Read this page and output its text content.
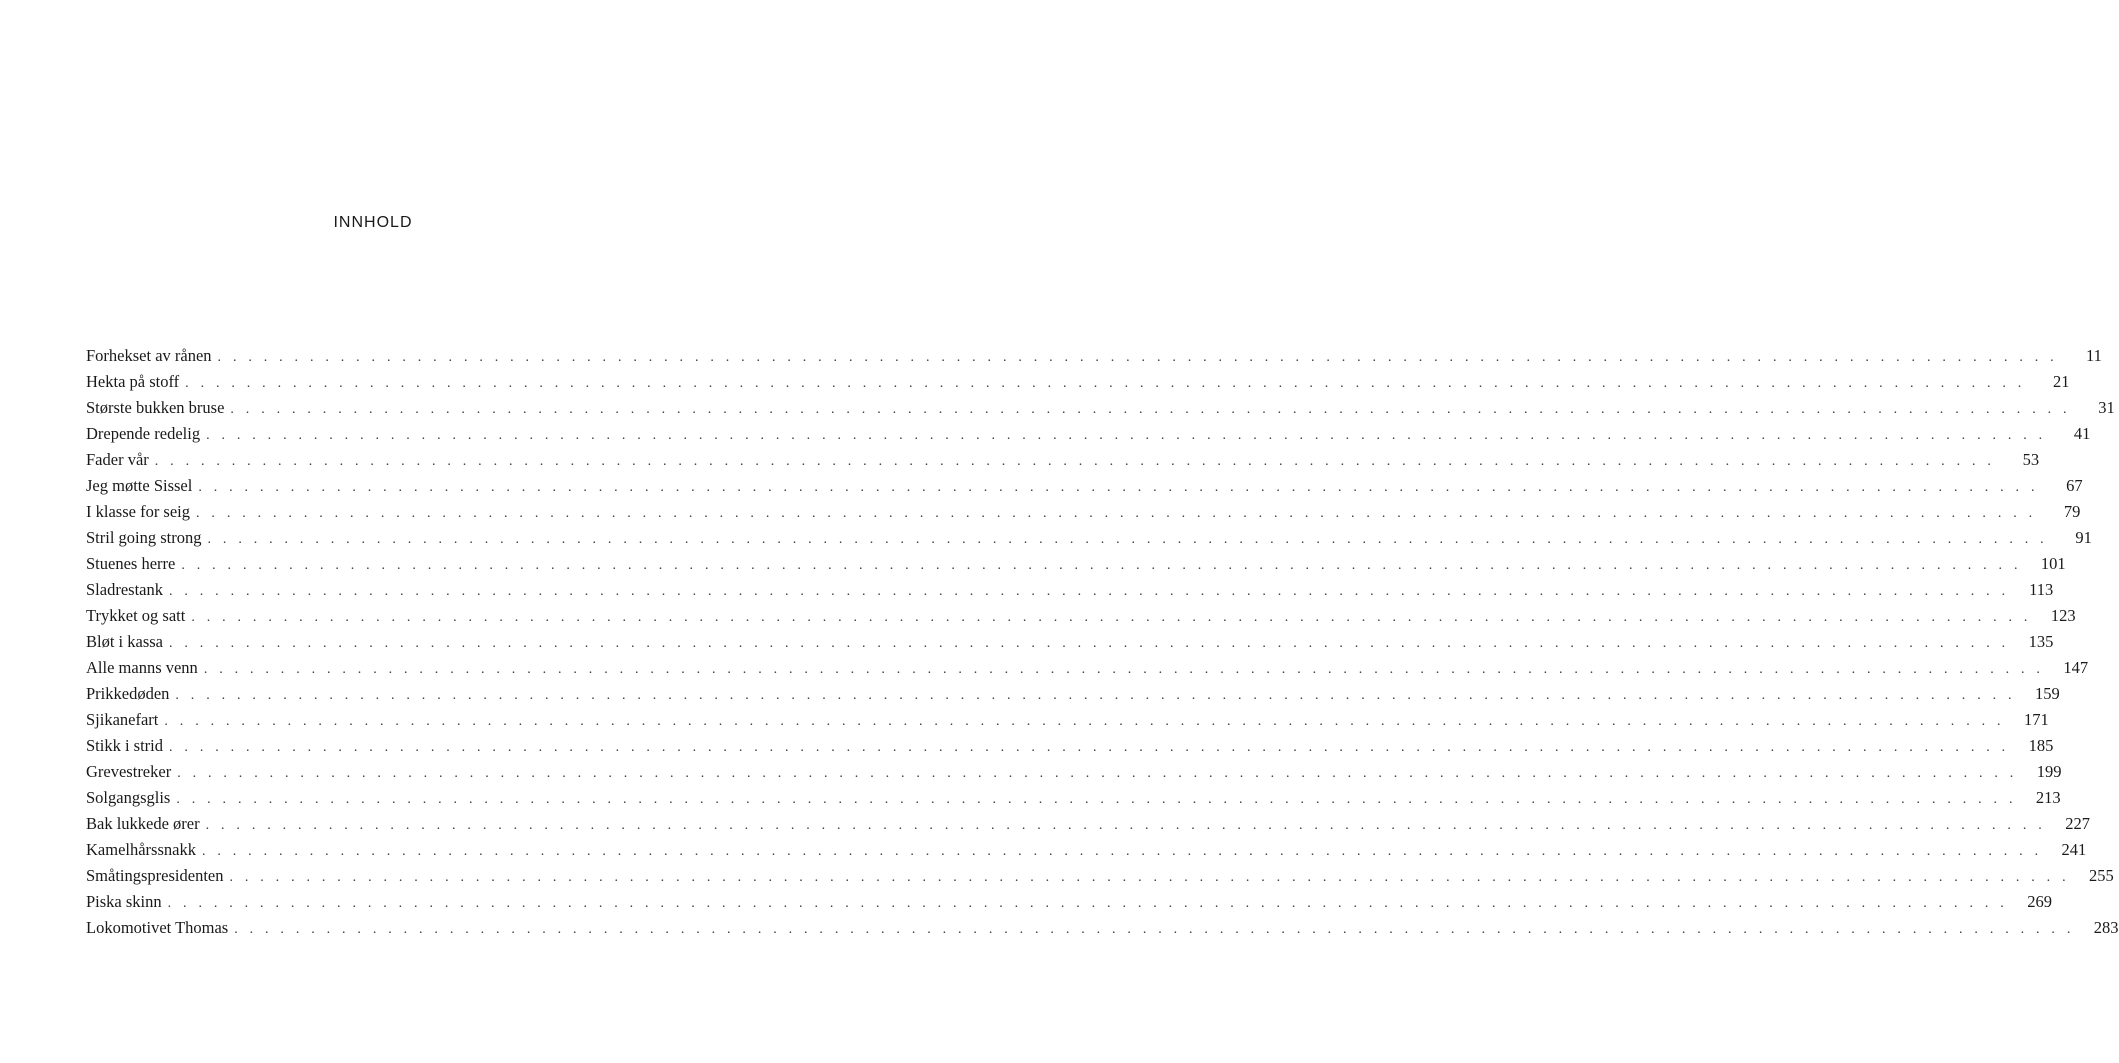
INNHOLD
Forhekset av rånen . . . . . . . . . . . . . . . . . . . . . . . . . . . . . . . . . . . . . . . . . . . . . . . . . . . . . . . . . . . . . . . . . . . . . . . . . . . . . . . . . . . . . . . . . . . . . . . . . . . . . . . . . . . . . . . . . . . . . . . .	11
Hekta på stoff . . . . . . . . . . . . . . . . . . . . . . . . . . . . . . . . . . . . . . . . . . . . . . . . . . . . . . . . . . . . . . . . . . . . . . . . . . . . . . . . . . . . . . . . . . . . . . . . . . . . . . . . . . . . . . . . . . . . . . . .	21
Største bukken bruse . . . . . . . . . . . . . . . . . . . . . . . . . . . . . . . . . . . . . . . . . . . . . . . . . . . . . . . . . . . . . . . . . . . . . . . . . . . . . . . . . . . . . . . . . . . . . . . . . . . . . . . . . . . . . . . . . . . . . . . .	31
Drepende redelig . . . . . . . . . . . . . . . . . . . . . . . . . . . . . . . . . . . . . . . . . . . . . . . . . . . . . . . . . . . . . . . . . . . . . . . . . . . . . . . . . . . . . . . . . . . . . . . . . . . . . . . . . . . . . . . . . . . . . . . .	41
Fader vår . . . . . . . . . . . . . . . . . . . . . . . . . . . . . . . . . . . . . . . . . . . . . . . . . . . . . . . . . . . . . . . . . . . . . . . . . . . . . . . . . . . . . . . . . . . . . . . . . . . . . . . . . . . . . . . . . . . . . . . .	53
Jeg møtte Sissel . . . . . . . . . . . . . . . . . . . . . . . . . . . . . . . . . . . . . . . . . . . . . . . . . . . . . . . . . . . . . . . . . . . . . . . . . . . . . . . . . . . . . . . . . . . . . . . . . . . . . . . . . . . . . . . . . . . . . . . .	67
I klasse for seig . . . . . . . . . . . . . . . . . . . . . . . . . . . . . . . . . . . . . . . . . . . . . . . . . . . . . . . . . . . . . . . . . . . . . . . . . . . . . . . . . . . . . . . . . . . . . . . . . . . . . . . . . . . . . . . . . . . . . . . .	79
Stril going strong . . . . . . . . . . . . . . . . . . . . . . . . . . . . . . . . . . . . . . . . . . . . . . . . . . . . . . . . . . . . . . . . . . . . . . . . . . . . . . . . . . . . . . . . . . . . . . . . . . . . . . . . . . . . . . . . . . . . . . . .	91
Stuenes herre . . . . . . . . . . . . . . . . . . . . . . . . . . . . . . . . . . . . . . . . . . . . . . . . . . . . . . . . . . . . . . . . . . . . . . . . . . . . . . . . . . . . . . . . . . . . . . . . . . . . . . . . . . . . . . . . . . . . . . . .	101
Sladrestank . . . . . . . . . . . . . . . . . . . . . . . . . . . . . . . . . . . . . . . . . . . . . . . . . . . . . . . . . . . . . . . . . . . . . . . . . . . . . . . . . . . . . . . . . . . . . . . . . . . . . . . . . . . . . . . . . . . . . . . .	113
Trykket og satt . . . . . . . . . . . . . . . . . . . . . . . . . . . . . . . . . . . . . . . . . . . . . . . . . . . . . . . . . . . . . . . . . . . . . . . . . . . . . . . . . . . . . . . . . . . . . . . . . . . . . . . . . . . . . . . . . . . . . . . .	123
Bløt i kassa . . . . . . . . . . . . . . . . . . . . . . . . . . . . . . . . . . . . . . . . . . . . . . . . . . . . . . . . . . . . . . . . . . . . . . . . . . . . . . . . . . . . . . . . . . . . . . . . . . . . . . . . . . . . . . . . . . . . . . . .	135
Alle manns venn . . . . . . . . . . . . . . . . . . . . . . . . . . . . . . . . . . . . . . . . . . . . . . . . . . . . . . . . . . . . . . . . . . . . . . . . . . . . . . . . . . . . . . . . . . . . . . . . . . . . . . . . . . . . . . . . . . . . . . . .	147
Prikkedøden . . . . . . . . . . . . . . . . . . . . . . . . . . . . . . . . . . . . . . . . . . . . . . . . . . . . . . . . . . . . . . . . . . . . . . . . . . . . . . . . . . . . . . . . . . . . . . . . . . . . . . . . . . . . . . . . . . . . . . . .	159
Sjikanefart . . . . . . . . . . . . . . . . . . . . . . . . . . . . . . . . . . . . . . . . . . . . . . . . . . . . . . . . . . . . . . . . . . . . . . . . . . . . . . . . . . . . . . . . . . . . . . . . . . . . . . . . . . . . . . . . . . . . . . . .	171
Stikk i strid . . . . . . . . . . . . . . . . . . . . . . . . . . . . . . . . . . . . . . . . . . . . . . . . . . . . . . . . . . . . . . . . . . . . . . . . . . . . . . . . . . . . . . . . . . . . . . . . . . . . . . . . . . . . . . . . . . . . . . . .	185
Grevestreker . . . . . . . . . . . . . . . . . . . . . . . . . . . . . . . . . . . . . . . . . . . . . . . . . . . . . . . . . . . . . . . . . . . . . . . . . . . . . . . . . . . . . . . . . . . . . . . . . . . . . . . . . . . . . . . . . . . . . . . .	199
Solgangsglis . . . . . . . . . . . . . . . . . . . . . . . . . . . . . . . . . . . . . . . . . . . . . . . . . . . . . . . . . . . . . . . . . . . . . . . . . . . . . . . . . . . . . . . . . . . . . . . . . . . . . . . . . . . . . . . . . . . . . . . .	213
Bak lukkede ører . . . . . . . . . . . . . . . . . . . . . . . . . . . . . . . . . . . . . . . . . . . . . . . . . . . . . . . . . . . . . . . . . . . . . . . . . . . . . . . . . . . . . . . . . . . . . . . . . . . . . . . . . . . . . . . . . . . . . . . .	227
Kamelhårssnakk . . . . . . . . . . . . . . . . . . . . . . . . . . . . . . . . . . . . . . . . . . . . . . . . . . . . . . . . . . . . . . . . . . . . . . . . . . . . . . . . . . . . . . . . . . . . . . . . . . . . . . . . . . . . . . . . . . . . . . . .	241
Småtingspresidenten . . . . . . . . . . . . . . . . . . . . . . . . . . . . . . . . . . . . . . . . . . . . . . . . . . . . . . . . . . . . . . . . . . . . . . . . . . . . . . . . . . . . . . . . . . . . . . . . . . . . . . . . . . . . . . . . . . . . . . . .	255
Piska skinn . . . . . . . . . . . . . . . . . . . . . . . . . . . . . . . . . . . . . . . . . . . . . . . . . . . . . . . . . . . . . . . . . . . . . . . . . . . . . . . . . . . . . . . . . . . . . . . . . . . . . . . . . . . . . . . . . . . . . . . .	269
Lokomotivet Thomas . . . . . . . . . . . . . . . . . . . . . . . . . . . . . . . . . . . . . . . . . . . . . . . . . . . . . . . . . . . . . . . . . . . . . . . . . . . . . . . . . . . . . . . . . . . . . . . . . . . . . . . . . . . . . . . . . . . . . . . .	283
